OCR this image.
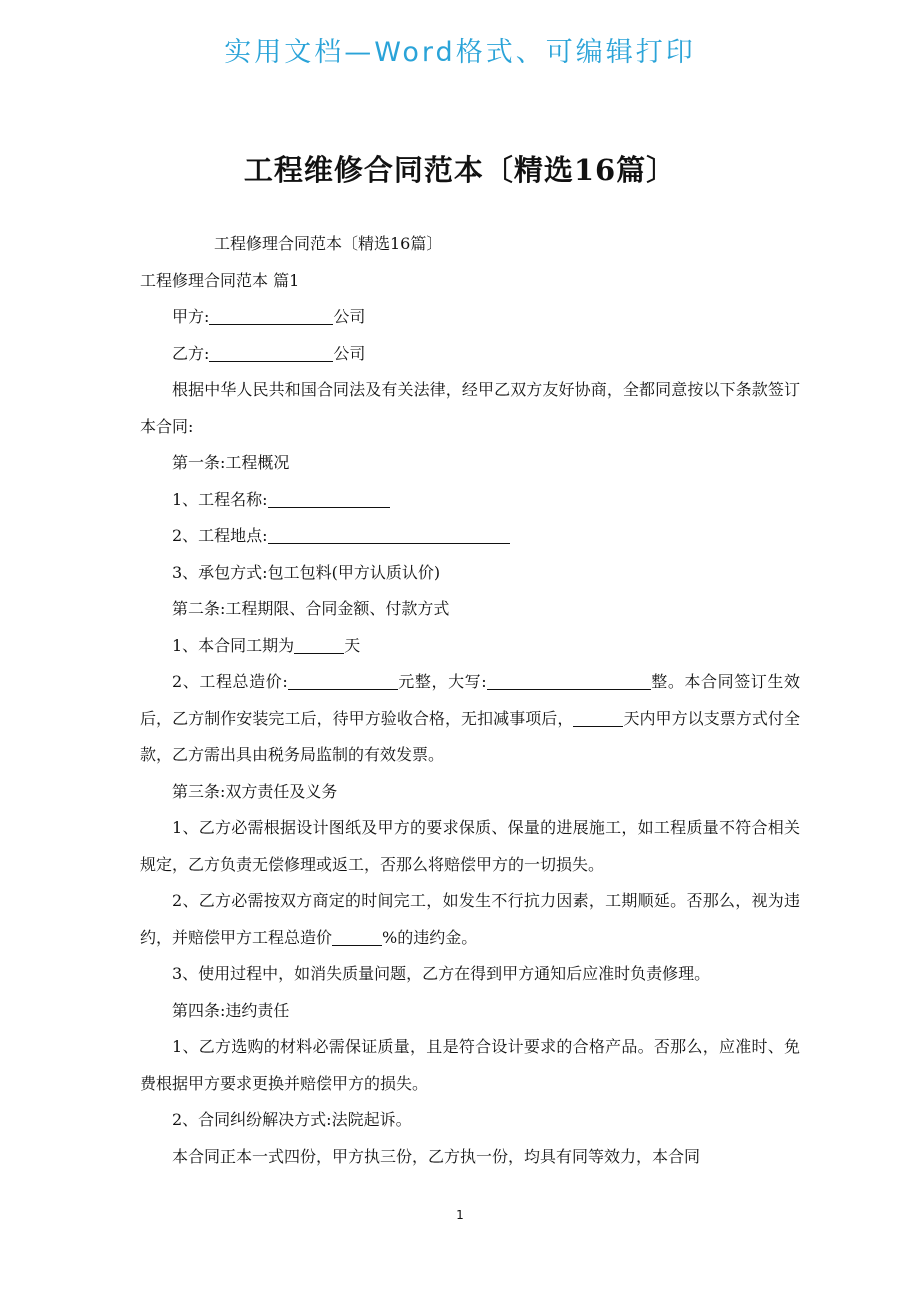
实用文档—Word格式、可编辑打印
工程维修合同范本〔精选16篇〕

工程修理合同范本〔精选16篇〕

工程修理合同范本 篇1

甲方:	公司

乙方:	公司

根据中华人民共和国合同法及有关法律，经甲乙双方友好协商，全都同意按以下条款签订本合同:

第一条:工程概况

1、工程名称:

2、工程地点:

3、承包方式:包工包料(甲方认质认价)

第二条:工程期限、合同金额、付款方式

1、本合同工期为	天

2、工程总造价:	元整，大写:	整。本合同签订生效后，乙方制作安装完工后，待甲方验收合格，无扣减事项后，	天内甲方以支票方式付全款，乙方需出具由税务局监制的有效发票。

第三条:双方责任及义务

1、乙方必需根据设计图纸及甲方的要求保质、保量的进展施工，如工程质量不符合相关规定，乙方负责无偿修理或返工，否那么将赔偿甲方的一切损失。

2、乙方必需按双方商定的时间完工，如发生不行抗力因素，工期顺延。否那么，视为违约，并赔偿甲方工程总造价	%的违约金。

3、使用过程中，如消失质量问题，乙方在得到甲方通知后应准时负责修理。

第四条:违约责任

1、乙方选购的材料必需保证质量，且是符合设计要求的合格产品。否那么，应准时、免费根据甲方要求更换并赔偿甲方的损失。

2、合同纠纷解决方式:法院起诉。

本合同正本一式四份，甲方执三份，乙方执一份，均具有同等效力，本合同

1
